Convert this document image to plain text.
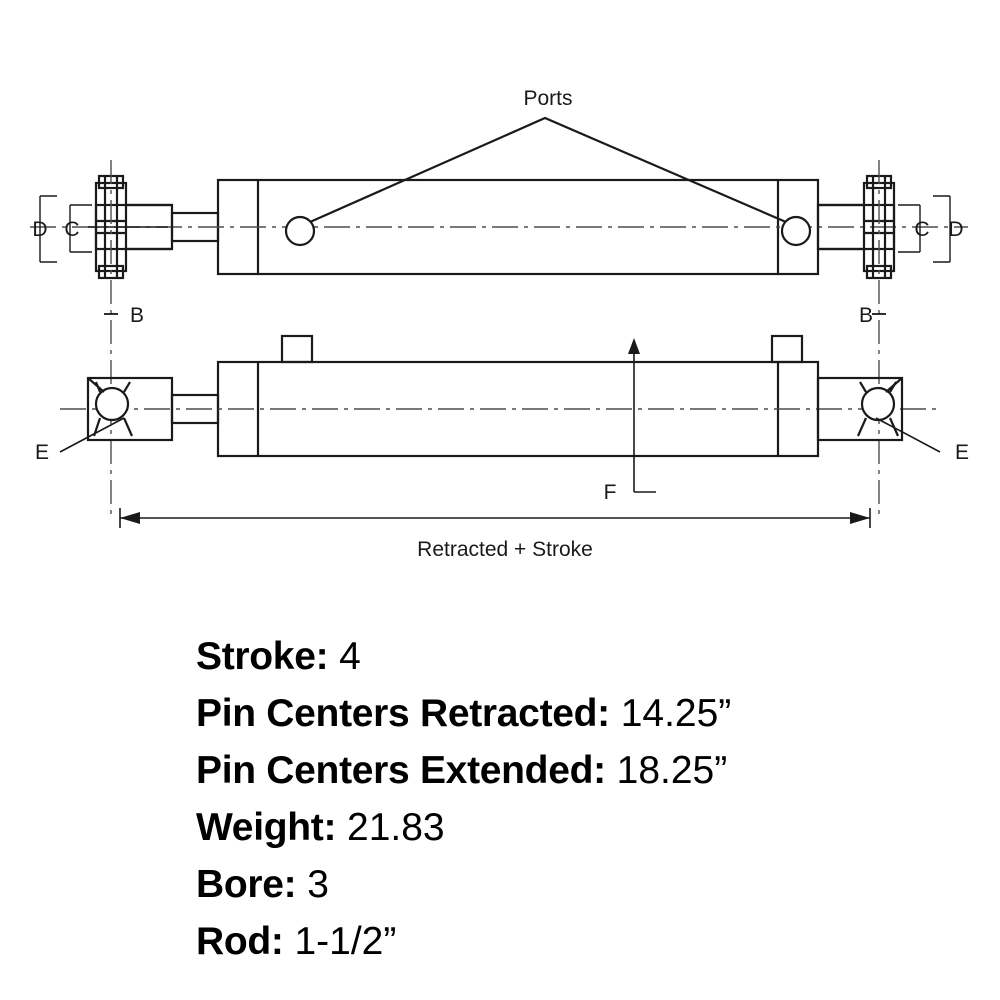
Ports
D C	C D
B	B
E	E
F
Retracted + Stroke
Stroke: 4
Pin Centers Retracted: 14.25”
Pin Centers Extended: 18.25”
Weight: 21.83
Bore: 3
Rod: 1-1/2”
